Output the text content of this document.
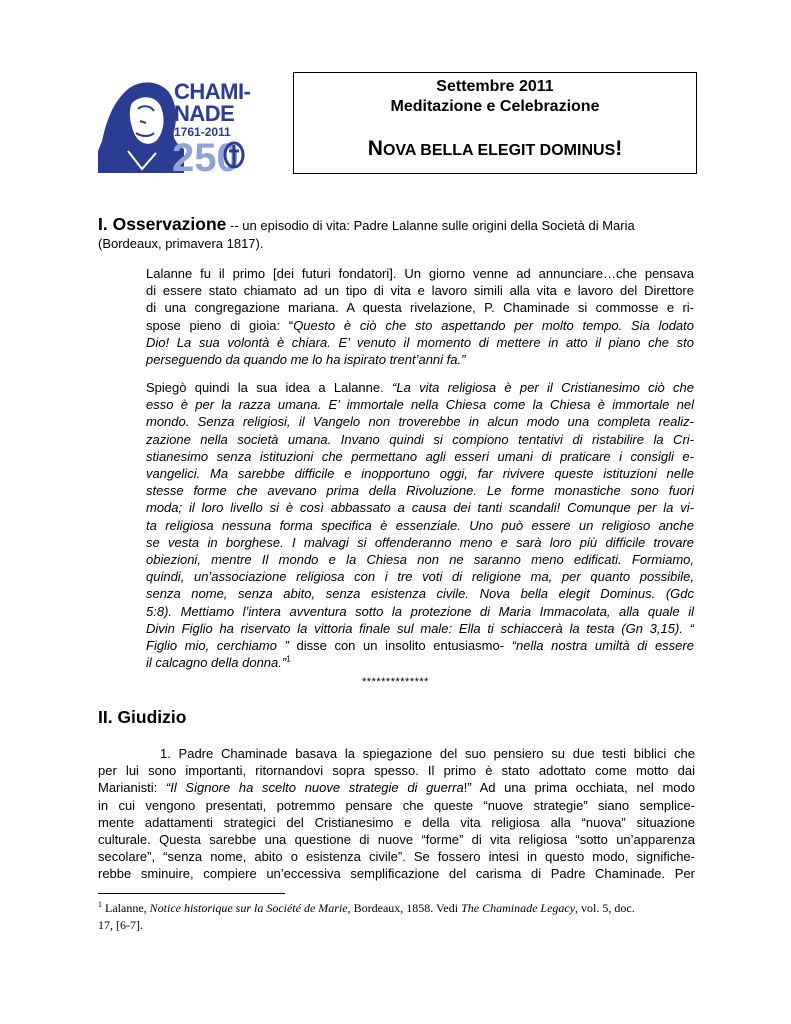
250
CHAMI-
NADE
1761-2011
Settembre 2011
Meditazione e Celebrazione
NOVA BELLA ELEGIT DOMINUS!
I. Osservazione -- un episodio di vita: Padre Lalanne sulle origini della Società di Maria
(Bordeaux, primavera 1817).
Lalanne fu il primo [dei futuri fondatori]. Un giorno venne ad annunciare…che pensava
di essere stato chiamato ad un tipo di vita e lavoro simili alla vita e lavoro del Direttore
di una congregazione mariana. A questa rivelazione, P. Chaminade si commosse e ri-
spose pieno di gioia: “Questo è ciò che sto aspettando per molto tempo. Sia lodato
Dio! La sua volontà è chiara. E’ venuto il momento di mettere in atto il piano che sto
perseguendo da quando me lo ha ispirato trent’anni fa.”
Spiegò quindi la sua idea a Lalanne. “La vita religiosa è per il Cristianesimo ciò che
esso è per la razza umana. E’ immortale nella Chiesa come la Chiesa è immortale nel
mondo. Senza religiosi, il Vangelo non troverebbe in alcun modo una completa realiz-
zazione nella società umana. Invano quindi si compiono tentativi di ristabilire la Cri-
stianesimo senza istituzioni che permettano agli esseri umani di praticare i consigli e-
vangelici. Ma sarebbe difficile e inopportuno oggi, far rivivere queste istituzioni nelle
stesse forme che avevano prima della Rivoluzione. Le forme monastiche sono fuori
moda; il loro livello si è così abbassato a causa dei tanti scandali! Comunque per la vi-
ta religiosa nessuna forma specifica è essenziale. Uno può essere un religioso anche
se vesta in borghese. I malvagi si offenderanno meno e sarà loro più difficile trovare
obiezioni, mentre Il mondo e la Chiesa non ne saranno meno edificati. Formiamo,
quindi, un’associazione religiosa con i tre voti di religione ma, per quanto possibile,
senza nome, senza abito, senza esistenza civile. Nova bella elegit Dominus. (Gdc
5:8). Mettiamo l’intera avventura sotto la protezione di Maria Immacolata, alla quale il
Divin Figlio ha riservato la vittoria finale sul male: Ella ti schiaccerà la testa (Gn 3,15). “
Figlio mio, cerchiamo ” disse con un insolito entusiasmo- “nella nostra umiltà di essere
il calcagno della donna.”$^1$
**************
II. Giudizio
1. Padre Chaminade basava la spiegazione del suo pensiero su due testi biblici che
per lui sono importanti, ritornandovi sopra spesso. Il primo è stato adottato come motto dai
Marianisti: “Il Signore ha scelto nuove strategie di guerra!” Ad una prima occhiata, nel modo
in cui vengono presentati, potremmo pensare che queste “nuove strategie” siano semplice-
mente adattamenti strategici del Cristianesimo e della vita religiosa alla “nuova” situazione
culturale. Questa sarebbe una questione di nuove “forme” di vita religiosa “sotto un’apparenza
secolare”, “senza nome, abito o esistenza civile”. Se fossero intesi in questo modo, significhe-
rebbe sminuire, compiere un’eccessiva semplificazione del carisma di Padre Chaminade. Per
$^1$ Lalanne, Notice historique sur la Société de Marie, Bordeaux, 1858. Vedi The Chaminade Legacy, vol. 5, doc.
17, [6-7].
